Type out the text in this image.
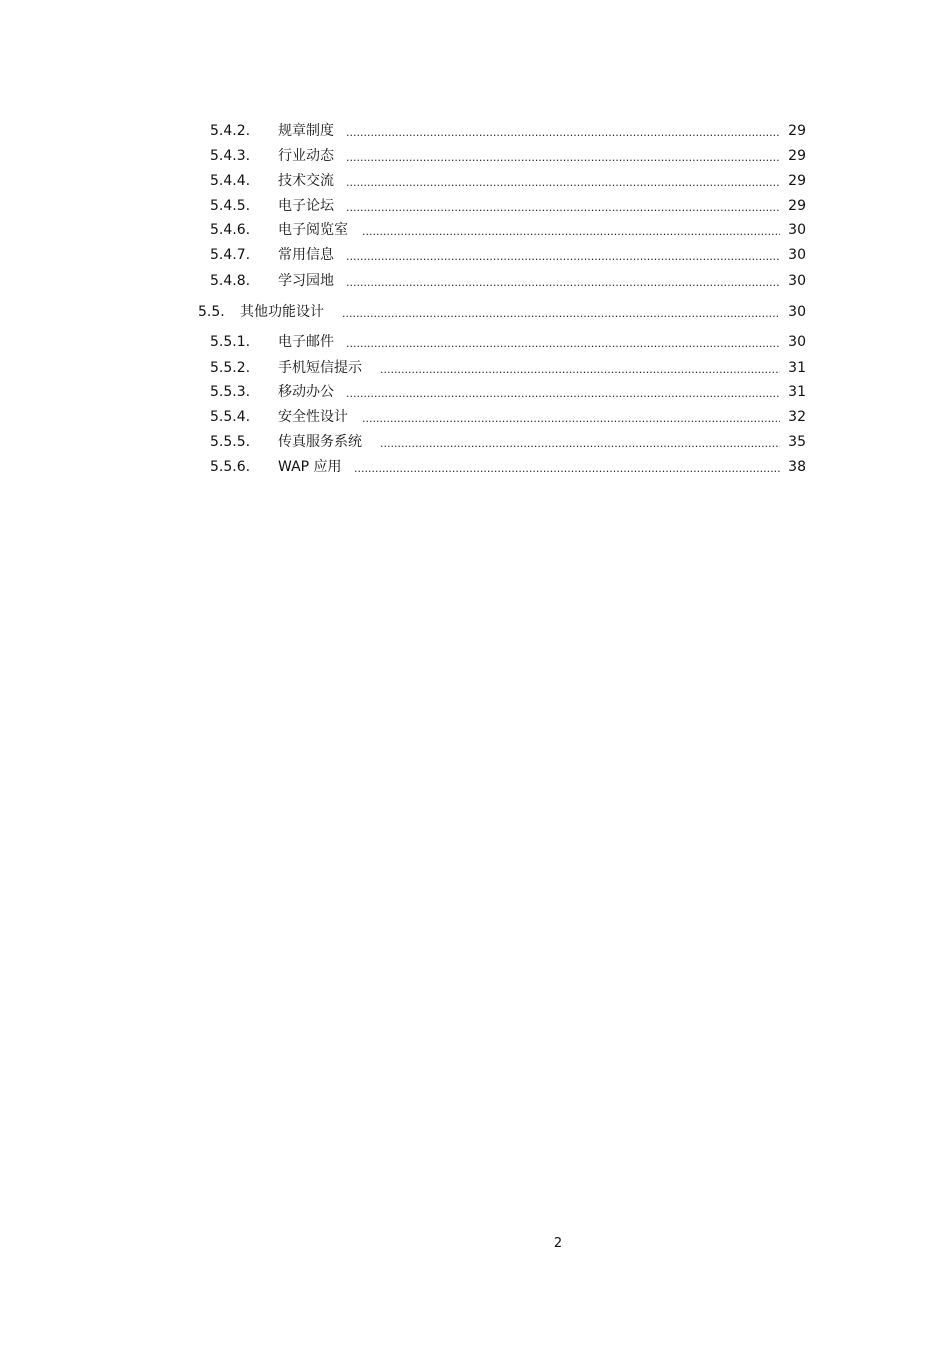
5.4.2. 规章制度 .....	29
5.4.3. 行业动态 .....	29
5.4.4. 技术交流 .....	29
5.4.5. 电子论坛 .....	29
5.4.6. 电子阅览室 .....	30
5.4.7. 常用信息 .....	30
5.4.8. 学习园地 .....	30
5.5. 其他功能设计 .....	30
5.5.1. 电子邮件 .....	30
5.5.2. 手机短信提示 .....	31
5.5.3. 移动办公 .....	31
5.5.4. 安全性设计 .....	32
5.5.5. 传真服务系统 .....	35
5.5.6. WAP 应用 .....	38
2
